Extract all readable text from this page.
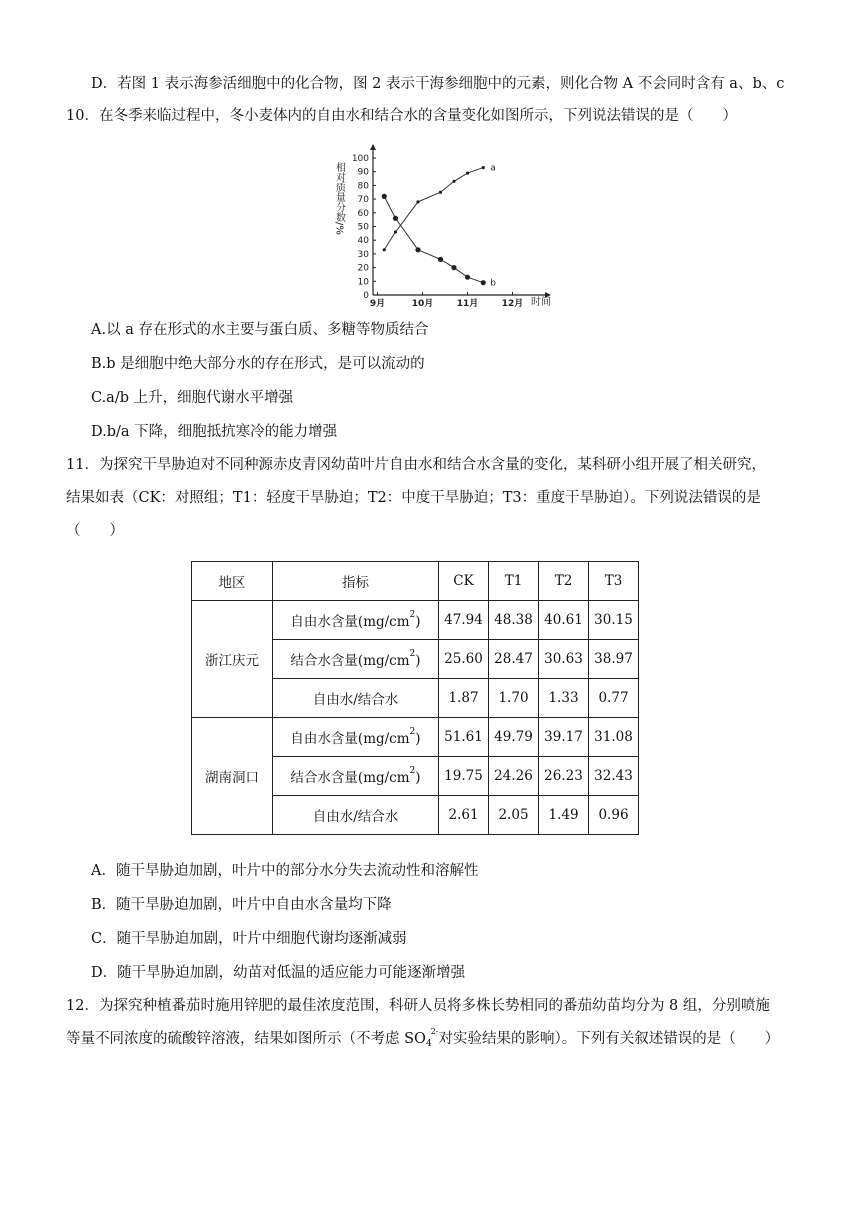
D．若图 1 表示海参活细胞中的化合物，图 2 表示干海参细胞中的元素，则化合物 A 不会同时含有 a、b、c
10．在冬季来临过程中，冬小麦体内的自由水和结合水的含量变化如图所示，下列说法错误的是（　　）
0
10
20
30
40
50
60
70
80
90
100
9月	10月	11月	12月
a
b
相对质量分数/%
时间
A.以 a 存在形式的水主要与蛋白质、多糖等物质结合
B.b 是细胞中绝大部分水的存在形式，是可以流动的
C.a/b 上升，细胞代谢水平增强
D.b/a 下降，细胞抵抗寒冷的能力增强
11．为探究干旱胁迫对不同种源赤皮青冈幼苗叶片自由水和结合水含量的变化，某科研小组开展了相关研究，
结果如表（CK：对照组；T1：轻度干旱胁迫；T2：中度干旱胁迫；T3：重度干旱胁迫）。下列说法错误的是
（　　）
地区	指标	CK	T1	T2	T3
浙江庆元	自由水含量$(mg/cm^2)$	47.94	48.38	40.61	30.15
	结合水含量$(mg/cm^2)$	25.60	28.47	30.63	38.97
	自由水/结合水	1.87	1.70	1.33	0.77
湖南洞口	自由水含量$(mg/cm^2)$	51.61	49.79	39.17	31.08
	结合水含量$(mg/cm^2)$	19.75	24.26	26.23	32.43
	自由水/结合水	2.61	2.05	1.49	0.96
A．随干旱胁迫加剧，叶片中的部分水分失去流动性和溶解性
B．随干旱胁迫加剧，叶片中自由水含量均下降
C．随干旱胁迫加剧，叶片中细胞代谢均逐渐减弱
D．随干旱胁迫加剧，幼苗对低温的适应能力可能逐渐增强
12．为探究种植番茄时施用锌肥的最佳浓度范围，科研人员将多株长势相同的番茄幼苗均分为 8 组，分别喷施
等量不同浓度的硫酸锌溶液，结果如图所示（不考虑 $SO_4^{2-}$对实验结果的影响）。下列有关叙述错误的是（　　）
